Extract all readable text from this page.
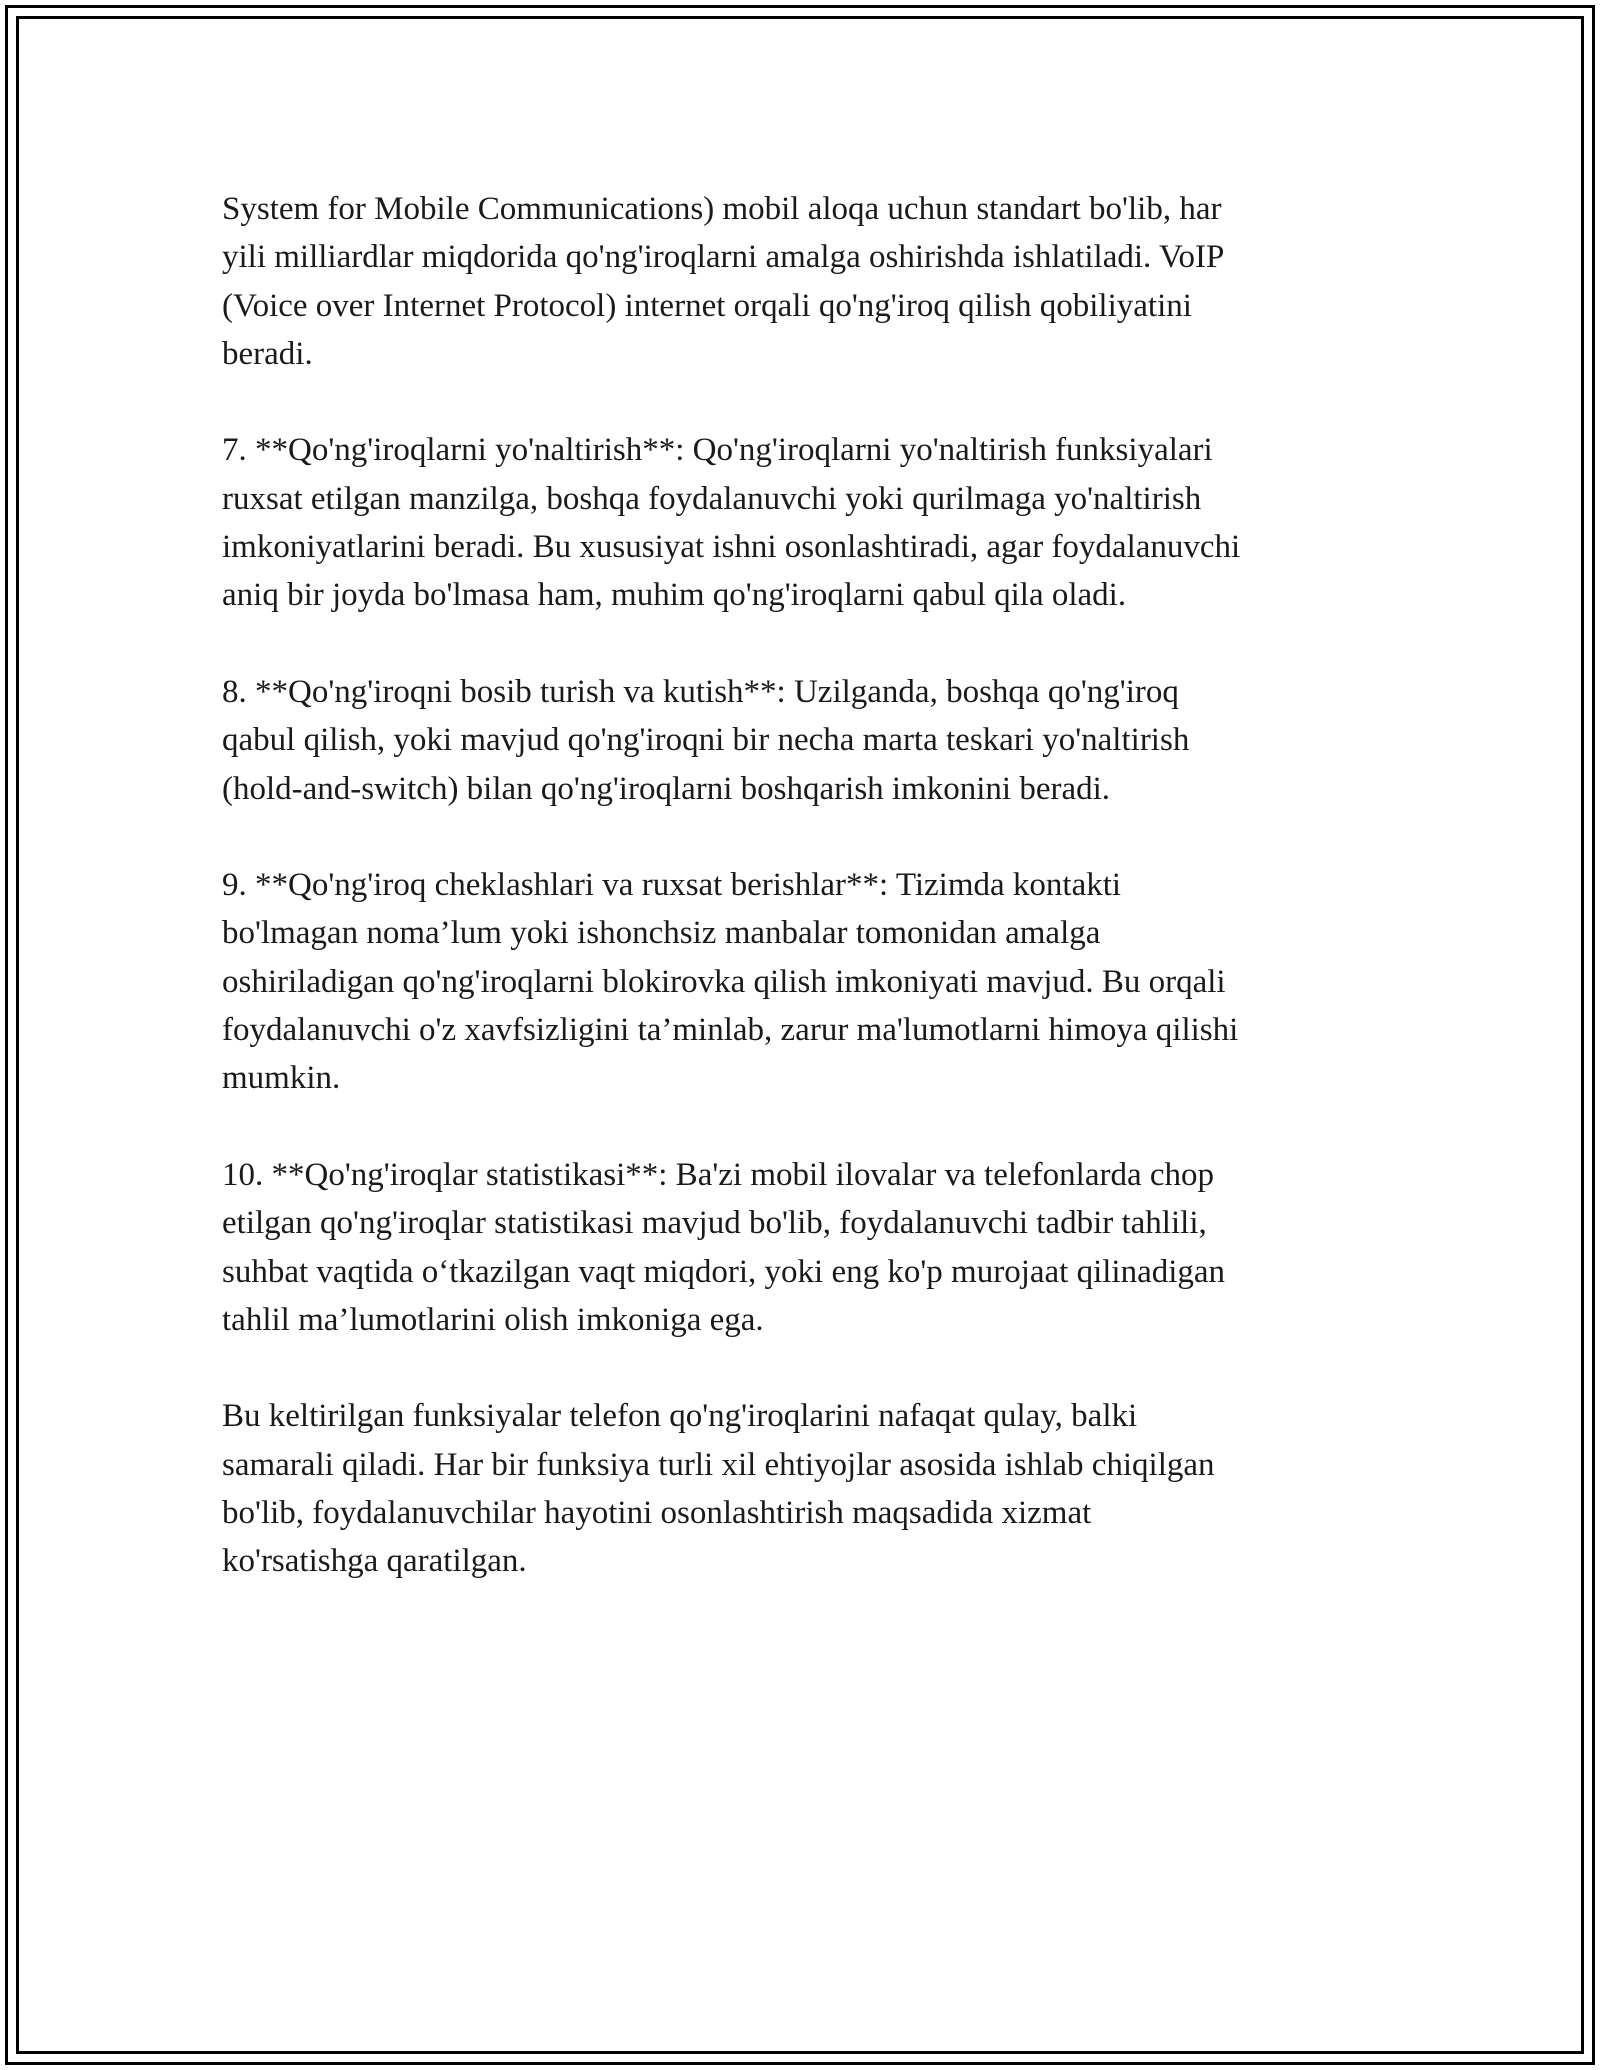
System for Mobile Communications) mobil aloqa uchun standart bo'lib, har
yili milliardlar miqdorida qo'ng'iroqlarni amalga oshirishda ishlatiladi. VoIP
(Voice over Internet Protocol) internet orqali qo'ng'iroq qilish qobiliyatini
beradi.

7. **Qo'ng'iroqlarni yo'naltirish**: Qo'ng'iroqlarni yo'naltirish funksiyalari
ruxsat etilgan manzilga, boshqa foydalanuvchi yoki qurilmaga yo'naltirish
imkoniyatlarini beradi. Bu xususiyat ishni osonlashtiradi, agar foydalanuvchi
aniq bir joyda bo'lmasa ham, muhim qo'ng'iroqlarni qabul qila oladi.

8. **Qo'ng'iroqni bosib turish va kutish**: Uzilganda, boshqa qo'ng'iroq
qabul qilish, yoki mavjud qo'ng'iroqni bir necha marta teskari yo'naltirish
(hold-and-switch) bilan qo'ng'iroqlarni boshqarish imkonini beradi.

9. **Qo'ng'iroq cheklashlari va ruxsat berishlar**: Tizimda kontakti
bo'lmagan noma’lum yoki ishonchsiz manbalar tomonidan amalga
oshiriladigan qo'ng'iroqlarni blokirovka qilish imkoniyati mavjud. Bu orqali
foydalanuvchi o'z xavfsizligini ta’minlab, zarur ma'lumotlarni himoya qilishi
mumkin.

10. **Qo'ng'iroqlar statistikasi**: Ba'zi mobil ilovalar va telefonlarda chop
etilgan qo'ng'iroqlar statistikasi mavjud bo'lib, foydalanuvchi tadbir tahlili,
suhbat vaqtida o‘tkazilgan vaqt miqdori, yoki eng ko'p murojaat qilinadigan
tahlil ma’lumotlarini olish imkoniga ega.

Bu keltirilgan funksiyalar telefon qo'ng'iroqlarini nafaqat qulay, balki
samarali qiladi. Har bir funksiya turli xil ehtiyojlar asosida ishlab chiqilgan
bo'lib, foydalanuvchilar hayotini osonlashtirish maqsadida xizmat
ko'rsatishga qaratilgan.
